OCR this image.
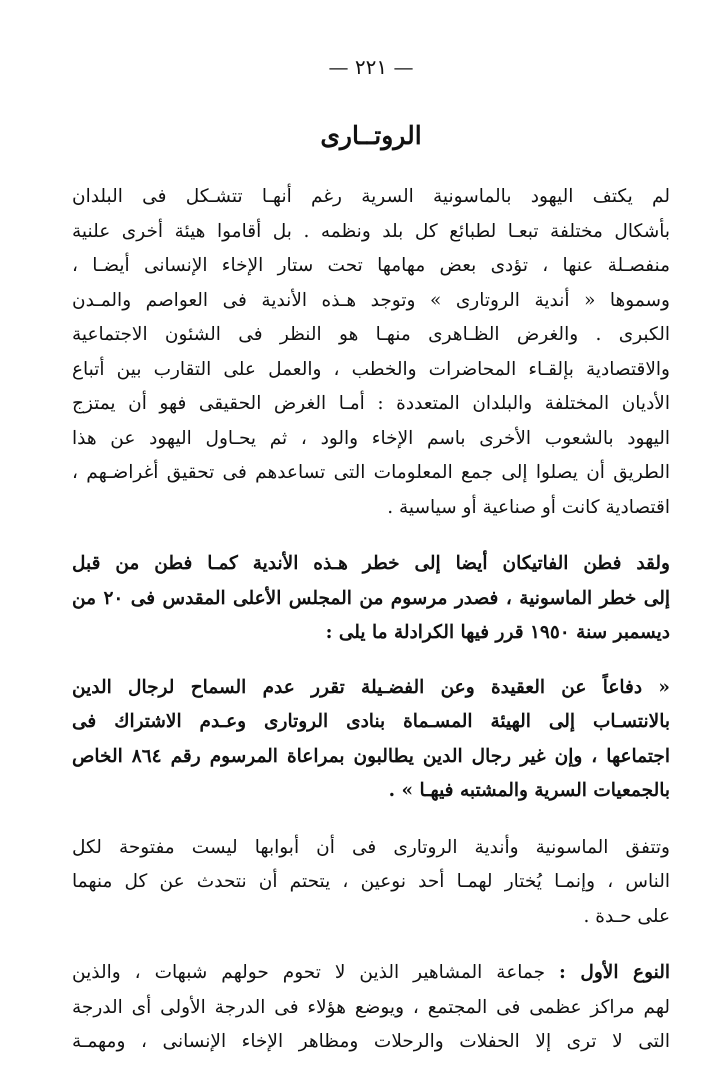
— ٢٢١ —
الروتــارى

لم يكتف اليهود بالماسونية السرية رغم أنهـا تتشـكل فى البلدان
بأشكال مختلفة تبعـا لطبائع كل بلد ونظمه . بل أقاموا هيئة أخرى علنية
منفصـلة عنها ، تؤدى بعض مهامها تحت ستار الإخاء الإنسانى أيضـا ،
وسموها « أندية الروتارى » وتوجد هـذه الأندية فى العواصم والمـدن
الكبرى . والغرض الظـاهرى منهـا هو النظر فى الشئون الاجتماعية
والاقتصادية بإلقـاء المحاضرات والخطب ، والعمل على التقارب بين أتباع
الأديان المختلفة والبلدان المتعددة : أمـا الغرض الحقيقى فهو أن يمتزج
اليهود بالشعوب الأخرى باسم الإخاء والود ، ثم يحـاول اليهود عن هذا
الطريق أن يصلوا إلى جمع المعلومات التى تساعدهم فى تحقيق أغراضـهم ،
اقتصادية كانت أو صناعية أو سياسية .

ولقد فطن الفاتيكان أيضا إلى خطر هـذه الأندية كمـا فطن من قبل
إلى خطر الماسونية ، فصدر مرسوم من المجلس الأعلى المقدس فى ٢٠ من
ديسمبر سنة ١٩٥٠ قرر فيها الكرادلة ما يلى :

« دفاعاً عن العقيدة وعن الفضـيلة تقرر عدم السماح لرجال الدين
بالانتسـاب إلى الهيئة المسـماة بنادى الروتارى وعـدم الاشتراك فى
اجتماعها ، وإن غير رجال الدين يطالبون بمراعاة المرسوم رقم ٨٦٤ الخاص
بالجمعيات السرية والمشتبه فيهـا » .

وتتفق الماسونية وأندية الروتارى فى أن أبوابها ليست مفتوحة لكل
الناس ، وإنمـا يُختار لهمـا أحد نوعين ، يتحتم أن نتحدث عن كل منهما
على حـدة .

النوع الأول : جماعة المشاهير الذين لا تحوم حولهم شبهات ، والذين
لهم مراكز عظمى فى المجتمع ، ويوضع هؤلاء فى الدرجة الأولى أى الدرجة
التى لا ترى إلا الحفلات والرحلات ومظاهر الإخاء الإنسانى ، ومهمـة
